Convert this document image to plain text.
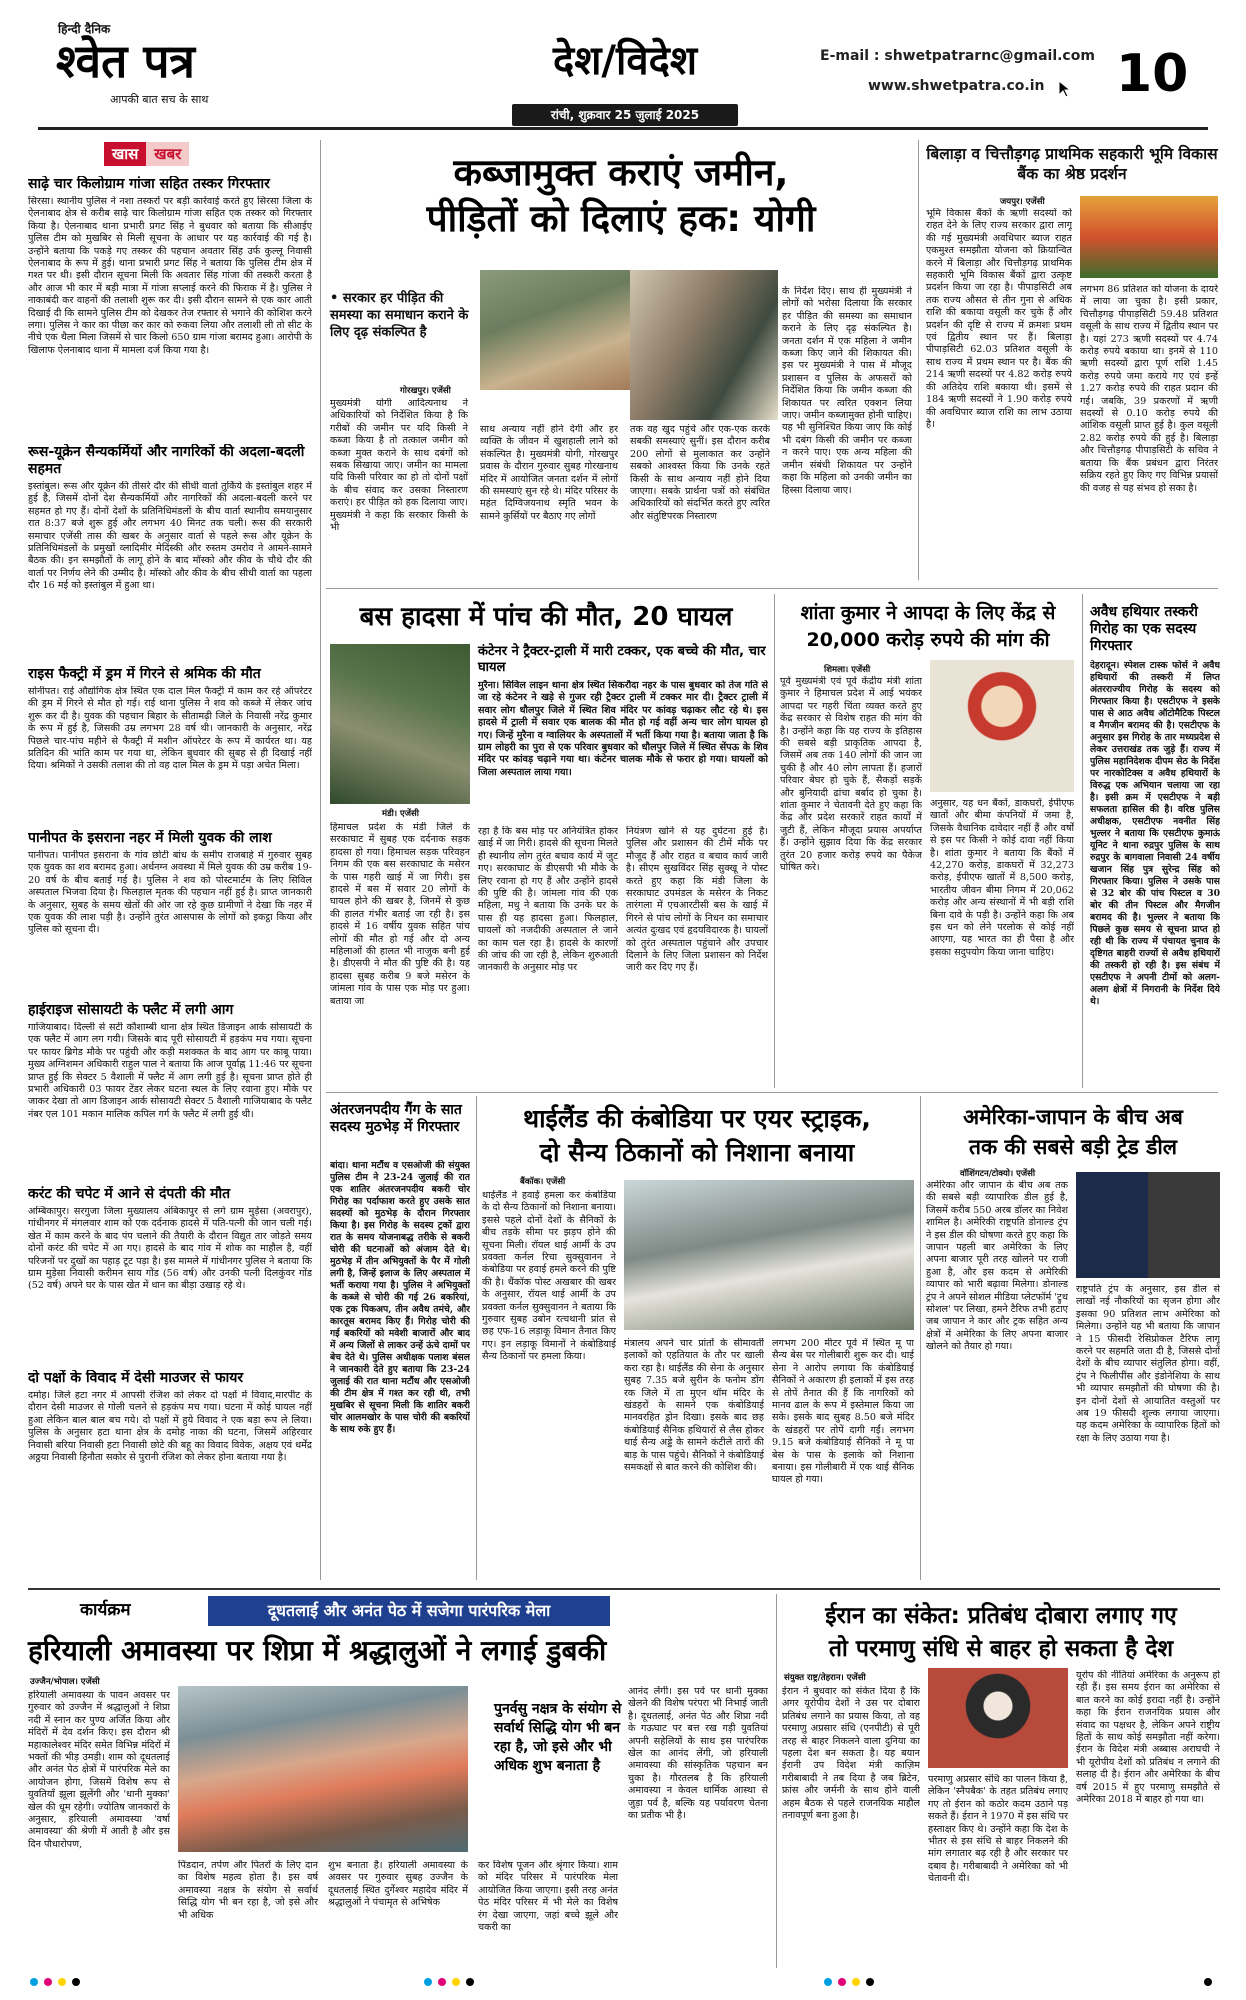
हिन्दी दैनिक
श्वेत पत्र
आपकी बात सच के साथ
देश/विदेश
रांची, शुक्रवार 25 जुलाई 2025
E-mail : shwetpatrarnc@gmail.com
www.shwetpatra.co.in 10
खास	खबर
साढ़े चार किलोग्राम गांजा सहित तस्कर गिरफ्तार
सिरसा। स्थानीय पुलिस ने नशा तस्करों पर बड़ी कार्रवाई करते हुए सिरसा जिला के ऐलनाबाद क्षेत्र से करीब साढ़े चार किलोग्राम गांजा सहित एक तस्कर को गिरफ्तार किया है। ऐलनाबाद थाना प्रभारी प्रगट सिंह ने बुधवार को बताया कि सीआईए पुलिस टीम को मुखबिर से मिली सूचना के आधार पर यह कार्रवाई की गई है। उन्होंने बताया कि पकड़े गए तस्कर की पहचान अवतार सिंह उर्फ कुल्लू निवासी ऐलनाबाद के रूप में हुई। थाना प्रभारी प्रगट सिंह ने बताया कि पुलिस टीम क्षेत्र में गश्त पर थी। इसी दौरान सूचना मिली कि अवतार सिंह गांजा की तस्करी करता है और आज भी कार में बड़ी मात्रा में गांजा सप्लाई करने की फिराक में है। पुलिस ने नाकाबंदी कर वाहनों की तलाशी शुरू कर दी। इसी दौरान सामने से एक कार आती दिखाई दी कि सामने पुलिस टीम को देखकर तेज रफ्तार से भगाने की कोशिश करने लगा। पुलिस ने कार का पीछा कर कार को रुकवा लिया और तलाशी ली तो सीट के नीचे एक थैला मिला जिसमें से चार किलो 650 ग्राम गांजा बरामद हुआ। आरोपी के खिलाफ ऐलनाबाद थाना में मामला दर्ज किया गया है।
रूस-यूक्रेन सैन्यकर्मियों और नागरिकों की अदला-बदली सहमत
इस्तांबुल। रूस और यूक्रेन की तीसरे दौर की सीधी वार्ता तुर्किये के इस्तांबुल शहर में हुई है, जिसमें दोनों देश सैन्यकर्मियों और नागरिकों की अदला-बदली करने पर सहमत हो गए हैं। दोनों देशों के प्रतिनिधिमंडलों के बीच वार्ता स्थानीय समयानुसार रात 8:37 बजे शुरू हुई और लगभग 40 मिनट तक चली। रूस की सरकारी समाचार एजेंसी तास की खबर के अनुसार वार्ता से पहले रूस और यूक्रेन के प्रतिनिधिमंडलों के प्रमुखों व्लादिमीर मेदिंस्की और रुस्तम उमरोव ने आमने-सामने बैठक की। इन समझौतों के लागू होने के बाद मॉस्को और कीव के चौथे दौर की वार्ता पर निर्णय लेने की उम्मीद है। मॉस्को और कीव के बीच सीधी वार्ता का पहला दौर 16 मई को इस्तांबुल में हुआ था।
राइस फैक्ट्री में ड्रम में गिरने से श्रमिक की मौत
सोनीपत। राई औद्योगिक क्षेत्र स्थित एक दाल मिल फैक्ट्री में काम कर रहे ऑपरेटर की ड्रम में गिरने से मौत हो गई। राई थाना पुलिस ने शव को कब्जे में लेकर जांच शुरू कर दी है। युवक की पहचान बिहार के सीतामढ़ी जिले के निवासी नरेंद्र कुमार के रूप में हुई है, जिसकी उम्र लगभग 28 वर्ष थी। जानकारी के अनुसार, नरेंद्र पिछले चार-पांच महीने से फैक्ट्री में मशीन ऑपरेटर के रूप में कार्यरत था। यह प्रतिदिन की भांति काम पर गया था, लेकिन बुधवार की सुबह से ही दिखाई नहीं दिया। श्रमिकों ने उसकी तलाश की तो वह दाल मिल के ड्रम में पड़ा अचेत मिला।
पानीपत के इसराना नहर में मिली युवक की लाश
पानीपत। पानीपत इसराना के गांव छोटी बांध के समीप राजबाहे में गुरुवार सुबह एक युवक का शव बरामद हुआ। अर्धनग्न अवस्था में मिले युवक की उम्र करीब 19-20 वर्ष के बीच बताई गई है। पुलिस ने शव को पोस्टमार्टम के लिए सिविल अस्पताल भिजवा दिया है। फिलहाल मृतक की पहचान नहीं हुई है। प्राप्त जानकारी के अनुसार, सुबह के समय खेतों की ओर जा रहे कुछ ग्रामीणों ने देखा कि नहर में एक युवक की लाश पड़ी है। उन्होंने तुरंत आसपास के लोगों को इकट्ठा किया और पुलिस को सूचना दी।
हाईराइज सोसायटी के फ्लैट में लगी आग
गाजियाबाद। दिल्ली से सटी कौशाम्बी थाना क्षेत्र स्थित डिजाइन आर्क सोसायटी के एक फ्लैट में आग लग गयी। जिसके बाद पूरी सोसायटी में हड़कंप मच गया। सूचना पर फायर ब्रिगेड मौके पर पहुंची और कड़ी मशक्कत के बाद आग पर काबू पाया। मुख्य अग्निशमन अधिकारी राहुल पाल ने बताया कि आज पूर्वाह्न 11:46 पर सूचना प्राप्त हुई कि सेक्टर 5 वैशाली में फ्लैट में आग लगी हुई है। सूचना प्राप्त होते ही प्रभारी अधिकारी 03 फायर टेंडर लेकर घटना स्थल के लिए रवाना हुए। मौके पर जाकर देखा तो आग डिजाइन आर्क सोसायटी सेक्टर 5 वैशाली गाजियाबाद के फ्लैट नंबर एल 101 मकान मालिक कपिल गर्ग के फ्लैट में लगी हुई थी।
करंट की चपेट में आने से दंपती की मौत
अम्बिकापुर। सरगुजा जिला मुख्यालय अंबिकापुर से लगे ग्राम मुड़ेसा (अवरापुर), गांधीनगर में मंगलवार शाम को एक दर्दनाक हादसे में पति-पत्नी की जान चली गई। खेत में काम करने के बाद पंप चलाने की तैयारी के दौरान विद्युत तार जोड़ते समय दोनों करंट की चपेट में आ गए। हादसे के बाद गांव में शोक का माहौल है, वहीं परिजनों पर दुखों का पहाड़ टूट पड़ा है। इस मामले में गांधीनगर पुलिस ने बताया कि ग्राम मुड़ेसा निवासी करीमन साय गोंड (56 वर्ष) और उनकी पत्नी दिलकुंवर गोंड (52 वर्ष) अपने घर के पास खेत में धान का बीड़ा उखाड़ रहे थे।
दो पक्षों के विवाद में देसी माउजर से फायर
दमोह। जिले हटा नगर में आपसी रंजिश को लेकर दो पक्षों में विवाद,मारपीट के दौरान देसी माउजर से गोली चलने से हड़कंप मच गया। घटना में कोई घायल नहीं हुआ लेकिन बाल बाल बच गये। दो पक्षों में हुये विवाद ने एक बड़ा रूप ले लिया। पुलिस के अनुसार हटा थाना क्षेत्र के दमोह नाका की घटना, जिसमें अहिरवार निवासी बरिया निवासी हटा निवासी छोटे की बहू का विवाद विवेक, अक्षय एवं धर्मेंद्र अठ्ठया निवासी हिनौता सकोर से पुरानी रंजिश को लेकर होना बताया गया है।
कब्जामुक्त कराएं जमीन,
पीड़ितों को दिलाएं हक: योगी
• सरकार हर पीड़ित की समस्या का समाधान कराने के लिए दृढ़ संकल्पित है
गोरखपुर। एजेंसी
मुख्यमंत्री योगी आदित्यनाथ ने अधिकारियों को निर्देशित किया है कि गरीबों की जमीन पर यदि किसी ने कब्जा किया है तो तत्काल जमीन को कब्जा मुक्त कराने के साथ दबंगों को सबक सिखाया जाए। जमीन का मामला यदि किसी परिवार का हो तो दोनों पक्षों के बीच संवाद कर उसका निस्तारण कराएं। हर पीड़ित को हक दिलाया जाए। मुख्यमंत्री ने कहा कि सरकार किसी के भी
साथ अन्याय नहीं होने देगी और हर व्यक्ति के जीवन में खुशहाली लाने को संकल्पित है। मुख्यमंत्री योगी, गोरखपुर प्रवास के दौरान गुरुवार सुबह गोरखनाथ मंदिर में आयोजित जनता दर्शन में लोगों की समस्याएं सुन रहे थे। मंदिर परिसर के महंत दिग्विजयनाथ स्मृति भवन के सामने कुर्सियों पर बैठाए गए लोगों
तक वह खुद पहुंचे और एक-एक करके सबकी समस्याएं सुनीं। इस दौरान करीब 200 लोगों से मुलाकात कर उन्होंने सबको आश्वस्त किया कि उनके रहते किसी के साथ अन्याय नहीं होने दिया जाएगा। सबके प्रार्थना पत्रों को संबंधित अधिकारियों को संदर्भित करते हुए त्वरित और संतुष्टिपरक निस्तारण
के निर्देश दिए। साथ ही मुख्यमंत्री ने लोगों को भरोसा दिलाया कि सरकार हर पीड़ित की समस्या का समाधान कराने के लिए दृढ़ संकल्पित है। जनता दर्शन में एक महिला ने जमीन कब्जा किए जाने की शिकायत की। इस पर मुख्यमंत्री ने पास में मौजूद प्रशासन व पुलिस के अफसरों को निर्देशित किया कि जमीन कब्जा की शिकायत पर त्वरित एक्शन लिया जाए। जमीन कब्जामुक्त होनी चाहिए। यह भी सुनिश्चित किया जाए कि कोई भी दबंग किसी की जमीन पर कब्जा न करने पाए। एक अन्य महिला की जमीन संबंधी शिकायत पर उन्होंने कहा कि महिला को उनकी जमीन का हिस्सा दिलाया जाए।
बिलाड़ा व चित्तौड़गढ़ प्राथमिक सहकारी भूमि विकास बैंक का श्रेष्ठ प्रदर्शन
जयपुर। एजेंसी
भूमि विकास बैंकों के ऋणी सदस्यों को राहत देने के लिए राज्य सरकार द्वारा लागू की गई मुख्यमंत्री अवधिपार ब्याज राहत एकमुश्त समझौता योजना को क्रियान्वित करने में बिलाड़ा और चित्तौड़गढ़ प्राथमिक सहकारी भूमि विकास बैंकों द्वारा उत्कृष्ट प्रदर्शन किया जा रहा है। पीपाड़सिटी अब तक राज्य औसत से तीन गुना से अधिक राशि की बकाया वसूली कर चुके हैं और प्रदर्शन की दृष्टि से राज्य में क्रमशः प्रथम एवं द्वितीय स्थान पर हैं। बिलाड़ा पीपाड़सिटी 62.03 प्रतिशत वसूली के साथ राज्य में प्रथम स्थान पर है। बैंक की 214 ऋणी सदस्यों पर 4.82 करोड़ रुपये की अतिदेय राशि बकाया थी। इसमें से 184 ऋणी सदस्यों ने 1.90 करोड़ रुपये की अवधिपार ब्याज राशि का लाभ उठाया है।
लगभग 86 प्रतिशत को योजना के दायरे में लाया जा चुका है। इसी प्रकार, चित्तौड़गढ़ पीपाड़सिटी 59.48 प्रतिशत वसूली के साथ राज्य में द्वितीय स्थान पर है। यहां 273 ऋणी सदस्यों पर 4.74 करोड़ रुपये बकाया था। इनमें से 110 ऋणी सदस्यों द्वारा पूर्ण राशि 1.45 करोड़ रुपये जमा कराये गए एवं इन्हें 1.27 करोड़ रुपये की राहत प्रदान की गई। जबकि, 39 प्रकरणों में ऋणी सदस्यों से 0.10 करोड़ रुपये की आंशिक वसूली प्राप्त हुई है। कुल वसूली 2.82 करोड़ रुपये की हुई है। बिलाड़ा और चित्तौड़गढ़ पीपाड़सिटी के सचिव ने बताया कि बैंक प्रबंधन द्वारा निरंतर सक्रिय रहते हुए किए गए विभिन्न प्रयासों की वजह से यह संभव हो सका है।
बस हादसा में पांच की मौत, 20 घायल
कंटेनर ने ट्रैक्टर-ट्राली में मारी टक्कर, एक बच्चे की मौत, चार घायल
मुरैना। सिविल लाइन थाना क्षेत्र स्थित सिकरौदा नहर के पास बुधवार को तेज गति से जा रहे कंटेनर ने खड़े से गुजर रही ट्रैक्टर ट्राली में टक्कर मार दी। ट्रैक्टर ट्राली में सवार लोग धौलपुर जिले में स्थित शिव मंदिर पर कांवड़ चढ़ाकर लौट रहे थे। इस हादसे में ट्राली में सवार एक बालक की मौत हो गई वहीं अन्य चार लोग घायल हो गए। जिन्हें मुरैना व ग्वालियर के अस्पतालों में भर्ती किया गया है। बताया जाता है कि ग्राम लोहरी का पुरा से एक परिवार बुधवार को धौलपुर जिले में स्थित सेंपऊ के शिव मंदिर पर कांवड़ चढ़ाने गया था। कंटेनर चालक मौके से फरार हो गया। घायलों को जिला अस्पताल लाया गया।
मंडी। एजेंसी
हिमाचल प्रदेश के मंडी जिले के सरकाघाट में सुबह एक दर्दनाक सड़क हादसा हो गया। हिमाचल सड़क परिवहन निगम की एक बस सरकाघाट के मसेरन के पास गहरी खाई में जा गिरी। इस हादसे में बस में सवार 20 लोगों के घायल होने की खबर है, जिनमें से कुछ की हालत गंभीर बताई जा रही है। इस हादसे में 16 वर्षीय युवक सहित पांच लोगों की मौत हो गई और दो अन्य महिलाओं की हालत भी नाजुक बनी हुई है। डीएसपी ने मौत की पुष्टि की है। यह हादसा सुबह करीब 9 बजे मसेरन के जांमला गांव के पास एक मोड़ पर हुआ। बताया जा
रहा है कि बस मोड़ पर अनियंत्रित होकर खाई में जा गिरी। हादसे की सूचना मिलते ही स्थानीय लोग तुरंत बचाव कार्य में जुट गए। सरकाघाट के डीएसपी भी मौके के लिए रवाना हो गए हैं और उन्होंने हादसे की पुष्टि की है। जांमला गांव की एक महिला, मधु ने बताया कि उनके घर के पास ही यह हादसा हुआ। फिलहाल, घायलों को नजदीकी अस्पताल ले जाने का काम चल रहा है। हादसे के कारणों की जांच की जा रही है, लेकिन शुरुआती जानकारी के अनुसार मोड़ पर
नियंत्रण खोने से यह दुर्घटना हुई है। पुलिस और प्रशासन की टीमें मौके पर मौजूद हैं और राहत व बचाव कार्य जारी है। सीएम सुखविंदर सिंह सुक्खू ने पोस्ट करते हुए कहा कि मंडी जिला के सरकाघाट उपमंडल के मसेरन के निकट तारंगला में एचआरटीसी बस के खाई में गिरने से पांच लोगों के निधन का समाचार अत्यंत दुःखद एवं हृदयविदारक है। घायलों को तुरंत अस्पताल पहुंचाने और उपचार दिलाने के लिए जिला प्रशासन को निर्देश जारी कर दिए गए हैं।
शांता कुमार ने आपदा के लिए केंद्र से 20,000 करोड़ रुपये की मांग की
शिमला। एजेंसी
पूर्व मुख्यमंत्री एवं पूर्व केंद्रीय मंत्री शांता कुमार ने हिमाचल प्रदेश में आई भयंकर आपदा पर गहरी चिंता व्यक्त करते हुए केंद्र सरकार से विशेष राहत की मांग की है। उन्होंने कहा कि यह राज्य के इतिहास की सबसे बड़ी प्राकृतिक आपदा है, जिसमें अब तक 140 लोगों की जान जा चुकी है और 40 लोग लापता हैं। हजारों परिवार बेघर हो चुके हैं, सैकड़ों सड़कें और बुनियादी ढांचा बर्बाद हो चुका है। शांता कुमार ने चेतावनी देते हुए कहा कि केंद्र और प्रदेश सरकारें राहत कार्यों में जुटी हैं, लेकिन मौजूदा प्रयास अपर्याप्त हैं। उन्होंने सुझाव दिया कि केंद्र सरकार तुरंत 20 हजार करोड़ रुपये का पैकेज घोषित करे।
अनुसार, यह धन बैंकों, डाकघरों, ईपीएफ खातों और बीमा कंपनियों में जमा है, जिसके वैधानिक दावेदार नहीं हैं और वर्षों से इस पर किसी ने कोई दावा नहीं किया है। शांता कुमार ने बताया कि बैंकों में 42,270 करोड़, डाकघरों में 32,273 करोड़, ईपीएफ खातों में 8,500 करोड़, भारतीय जीवन बीमा निगम में 20,062 करोड़ और अन्य संस्थानों में भी बड़ी राशि बिना दावे के पड़ी है। उन्होंने कहा कि अब इस धन को लेने परलोक से कोई नहीं आएगा, यह भारत का ही पैसा है और इसका सदुपयोग किया जाना चाहिए।
अवैध हथियार तस्करी गिरोह का एक सदस्य गिरफ्तार
देहरादून। स्पेशल टास्क फोर्स ने अवैध हथियारों की तस्करी में लिप्त अंतरराज्यीय गिरोह के सदस्य को गिरफ्तार किया है। एसटीएफ ने इसके पास से आठ अवैध ऑटोमैटिक पिस्टल व मैगजीन बरामद की है। एसटीएफ के अनुसार इस गिरोह के तार मध्यप्रदेश से लेकर उत्तराखंड तक जुड़े हैं। राज्य में पुलिस महानिदेशक दीपम सेठ के निर्देश पर नारकोटिक्स व अवैध हथियारों के विरुद्ध एक अभियान चलाया जा रहा है। इसी क्रम में एसटीएफ ने बड़ी सफलता हासिल की है। वरिष्ठ पुलिस अधीक्षक, एसटीएफ नवनीत सिंह भुल्लर ने बताया कि एसटीएफ कुमाऊं यूनिट ने थाना रुद्रपुर पुलिस के साथ रुद्रपुर के बागवाला निवासी 24 वर्षीय खजान सिंह पुत्र सुरेन्द्र सिंह को गिरफ्तार किया। पुलिस ने उसके पास से 32 बोर की पांच पिस्टल व 30 बोर की तीन पिस्टल और मैगजीन बरामद की है। भुल्लर ने बताया कि पिछले कुछ समय से सूचना प्राप्त हो रही थी कि राज्य में पंचायत चुनाव के दृष्टिगत बाहरी राज्यों से अवैध हथियारों की तस्करी हो रही है। इस संबंध में एसटीएफ ने अपनी टीमों को अलग-अलग क्षेत्रों में निगरानी के निर्देश दिये थे।
अंतरजनपदीय गैंग के सात सदस्य मुठभेड़ में गिरफ्तार
बांदा। थाना मटौंध व एसओजी की संयुक्त पुलिस टीम ने 23-24 जुलाई की रात एक शातिर अंतरजनपदीय बकरी चोर गिरोह का पर्दाफाश करते हुए उसके सात सदस्यों को मुठभेड़ के दौरान गिरफ्तार किया है। इस गिरोह के सदस्य ट्रकों द्वारा रात के समय योजनाबद्ध तरीके से बकरी चोरी की घटनाओं को अंजाम देते थे। मुठभेड़ में तीन अभियुक्तों के पैर में गोली लगी है, जिन्हें इलाज के लिए अस्पताल में भर्ती कराया गया है। पुलिस ने अभियुक्तों के कब्जे से चोरी की गई 26 बकरियां, एक ट्रक पिकअप, तीन अवैध तमंचे, और कारतूस बरामद किए हैं। गिरोह चोरी की गई बकरियों को मवेशी बाजारों और बाद में अन्य जिलों से लाकर उन्हें ऊंचे दामों पर बेच देते थे। पुलिस अधीक्षक पलाश बंसल ने जानकारी देते हुए बताया कि 23-24 जुलाई की रात थाना मटौंध और एसओजी की टीम क्षेत्र में गश्त कर रही थी, तभी मुखबिर से सूचना मिली कि शातिर बकरी चोर आलमखोर के पास चोरी की बकरियों के साथ रुके हुए हैं।
थाईलैंड की कंबोडिया पर एयर स्ट्राइक,
दो सैन्य ठिकानों को निशाना बनाया
बैंकॉक। एजेंसी
थाईलैंड ने हवाई हमला कर कंबोडिया के दो सैन्य ठिकानों को निशाना बनाया। इससे पहले दोनों देशों के सैनिकों के बीच तड़के सीमा पर झड़प होने की सूचना मिली। रॉयल थाई आर्मी के उप प्रवक्ता कर्नल रिचा सुक्सुवानन ने कंबोडिया पर हवाई हमले करने की पुष्टि की है। थैंकॉक पोस्ट अखबार की खबर के अनुसार, रॉयल थाई आर्मी के उप प्रवक्ता कर्नल सुक्सुवानन ने बताया कि गुरुवार सुबह उबोन रत्चथानी प्रांत से छह एफ-16 लड़ाकू विमान तैनात किए गए। इन लड़ाकू विमानों ने कंबोडियाई सैन्य ठिकानों पर हमला किया।
मंत्रालय अपने चार प्रांतों के सीमावर्ती इलाकों को एहतियात के तौर पर खाली करा रहा है। थाईलैंड की सेना के अनुसार सुबह 7.35 बजे सुरीन के फनोम डोंग रक जिले में ता मुएन थॉम मंदिर के खंडहरों के सामने एक कंबोडियाई मानवरहित ड्रोन दिखा। इसके बाद छह कंबोडियाई सैनिक हथियारों से लैस होकर थाई सैन्य अड्डे के सामने कंटीले तारों की बाड़ के पास पहुंचे। सैनिकों ने कंबोडियाई समकक्षों से बात करने की कोशिश की।
लगभग 200 मीटर पूर्व में स्थित मू पा सैन्य बेस पर गोलीबारी शुरू कर दी। थाई सेना ने आरोप लगाया कि कंबोडियाई सैनिकों ने अकारण ही इलाकों में इस तरह से तोपें तैनात की हैं कि नागरिकों को मानव ढाल के रूप में इस्तेमाल किया जा सके। इसके बाद सुबह 8.50 बजे मंदिर के खंडहरों पर तोपें दागी गईं। लगभग 9.15 बजे कंबोडियाई सैनिकों ने मू पा बेस के पास के इलाके को निशाना बनाया। इस गोलीबारी में एक थाई सैनिक घायल हो गया।
अमेरिका-जापान के बीच अब
तक की सबसे बड़ी ट्रेड डील
वॉशिंगटन/टोक्यो। एजेंसी
अमेरिका और जापान के बीच अब तक की सबसे बड़ी व्यापारिक डील हुई है, जिसमें करीब 550 अरब डॉलर का निवेश शामिल है। अमेरिकी राष्ट्रपति डोनाल्ड ट्रंप ने इस डील की घोषणा करते हुए कहा कि जापान पहली बार अमेरिका के लिए अपना बाजार पूरी तरह खोलने पर राजी हुआ है, और इस कदम से अमेरिकी व्यापार को भारी बढ़ावा मिलेगा। डोनाल्ड ट्रंप ने अपने सोशल मीडिया प्लेटफॉर्म 'ट्रुथ सोशल' पर लिखा, हमने टैरिफ तभी हटाए जब जापान ने कार और ट्रक सहित अन्य क्षेत्रों में अमेरिका के लिए अपना बाजार खोलने को तैयार हो गया।
राष्ट्रपति ट्रंप के अनुसार, इस डील से लाखों नई नौकरियों का सृजन होगा और इसका 90 प्रतिशत लाभ अमेरिका को मिलेगा। उन्होंने यह भी बताया कि जापान ने 15 फीसदी रेसिप्रोकल टैरिफ लागू करने पर सहमति जता दी है, जिससे दोनों देशों के बीच व्यापार संतुलित होगा। वहीं, ट्रंप ने फिलीपींस और इंडोनेशिया के साथ भी व्यापार समझौतों की घोषणा की है। इन दोनों देशों से आयातित वस्तुओं पर अब 19 फीसदी शुल्क लगाया जाएगा। यह कदम अमेरिका के व्यापारिक हितों को रक्षा के लिए उठाया गया है।
कार्यक्रम	दूधतलाई और अनंत पेठ में सजेगा पारंपरिक मेला
हरियाली अमावस्या पर शिप्रा में श्रद्धालुओं ने लगाई डुबकी
उज्जैन/भोपाल। एजेंसी
हरियाली अमावस्या के पावन अवसर पर गुरुवार को उज्जैन में श्रद्धालुओं ने शिप्रा नदी में स्नान कर पुण्य अर्जित किया और मंदिरों में देव दर्शन किए। इस दौरान श्री महाकालेश्वर मंदिर समेत विभिन्न मंदिरों में भक्तों की भीड़ उमड़ी। शाम को दूधतलाई और अनंत पेठ क्षेत्रों में पारंपरिक मेले का आयोजन होगा, जिसमें विशेष रूप से युवतियाँ झूला झूलेंगी और 'धानी मुक्का' खेल की धूम रहेगी। ज्योतिष जानकारों के अनुसार, हरियाली अमावस्या 'वर्षा अमावस्या' की श्रेणी में आती है और इस दिन पौधारोपण,
पुनर्वसु नक्षत्र के संयोग से सर्वार्थ सिद्धि योग भी बन रहा है, जो इसे और भी अधिक शुभ बनाता है
पिंडदान, तर्पण और पितरों के लिए दान का विशेष महत्व होता है। इस वर्ष अमावस्या नक्षत्र के संयोग से सर्वार्थ सिद्धि योग भी बन रहा है, जो इसे और भी अधिक
शुभ बनाता है। हरियाली अमावस्या के अवसर पर गुरुवार सुबह उज्जैन के दूधतलाई स्थित दुर्गेश्वर महादेव मंदिर में श्रद्धालुओं ने पंचामृत से अभिषेक
कर विशेष पूजन और श्रृंगार किया। शाम को मंदिर परिसर में पारंपरिक मेला आयोजित किया जाएगा। इसी तरह अनंत पेठ मंदिर परिसर में भी मेले का विशेष रंग देखा जाएगा, जहां बच्चे झूले और चकरी का
आनंद लेंगी। इस पर्व पर धानी मुक्का खेलने की विशेष परंपरा भी निभाई जाती है। दूधतलाई, अनंत पेठ और शिप्रा नदी के गऊघाट पर बत्त रख गड़ी युवतियां अपनी सहेलियों के साथ इस पारंपरिक खेल का आनंद लेंगी, जो हरियाली अमावस्या की सांस्कृतिक पहचान बन चुका है। गौरतलब है कि हरियाली अमावस्या न केवल धार्मिक आस्था से जुड़ा पर्व है, बल्कि यह पर्यावरण चेतना का प्रतीक भी है।
ईरान का संकेत: प्रतिबंध दोबारा लगाए गए
तो परमाणु संधि से बाहर हो सकता है देश
संयुक्त राष्ट्र/तेहरान। एजेंसी
ईरान ने बुधवार को संकेत दिया है कि अगर यूरोपीय देशों ने उस पर दोबारा प्रतिबंध लगाने का प्रयास किया, तो वह परमाणु अप्रसार संधि (एनपीटी) से पूरी तरह से बाहर निकलने वाला दुनिया का पहला देश बन सकता है। यह बयान ईरानी उप विदेश मंत्री काज़िम गरीबाबादी ने तब दिया है जब ब्रिटेन, फ्रांस और जर्मनी के साथ होने वाली अहम बैठक से पहले राजनयिक माहौल तनावपूर्ण बना हुआ है।
परमाणु अप्रसार संधि का पालन किया है, लेकिन 'स्नैपबैक' के तहत प्रतिबंध लगाए गए तो ईरान को कठोर कदम उठाने पड़ सकते हैं। ईरान ने 1970 में इस संधि पर हस्ताक्षर किए थे। उन्होंने कहा कि देश के भीतर से इस संधि से बाहर निकलने की मांग लगातार बढ़ रही है और सरकार पर दबाव है। गरीबाबादी ने अमेरिका को भी चेतावनी दी।
यूरोप की नीतियां अमेरिका के अनुरूप हो रही हैं। इस समय ईरान का अमेरिका से बात करने का कोई इरादा नहीं है। उन्होंने कहा कि ईरान राजनयिक प्रयास और संवाद का पक्षधर है, लेकिन अपने राष्ट्रीय हितों के साथ कोई समझौता नहीं करेगा। ईरान के विदेश मंत्री अब्बास अराघची ने भी यूरोपीय देशों को प्रतिबंध न लगाने की सलाह दी है। ईरान और अमेरिका के बीच वर्ष 2015 में हुए परमाणु समझौते से अमेरिका 2018 में बाहर हो गया था।
